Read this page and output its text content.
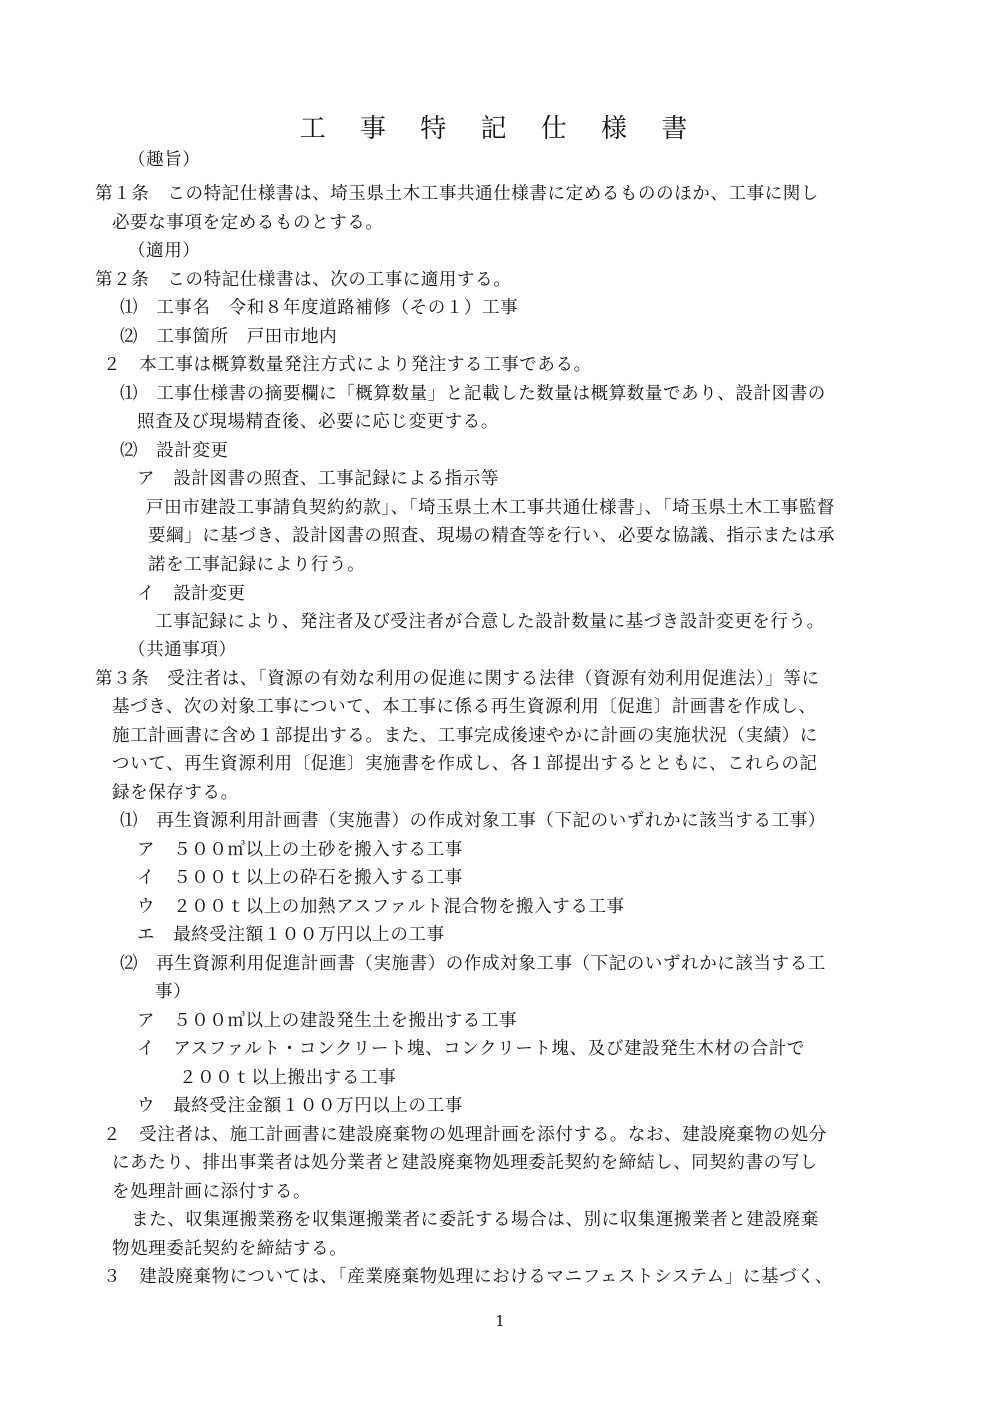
工 事 特 記 仕 様 書
（趣旨）
第１条　この特記仕様書は、埼玉県土木工事共通仕様書に定めるもののほか、工事に関し
必要な事項を定めるものとする。
（適用）
第２条　この特記仕様書は、次の工事に適用する。
⑴　工事名　令和８年度道路補修（その１）工事
⑵　工事箇所　戸田市地内
２　本工事は概算数量発注方式により発注する工事である。
⑴　工事仕様書の摘要欄に「概算数量」と記載した数量は概算数量であり、設計図書の
照査及び現場精査後、必要に応じ変更する。
⑵　設計変更
ア　設計図書の照査、工事記録による指示等
戸田市建設工事請負契約約款」、「埼玉県土木工事共通仕様書」、「埼玉県土木工事監督
要綱」に基づき、設計図書の照査、現場の精査等を行い、必要な協議、指示または承
諾を工事記録により行う。
イ　設計変更
工事記録により、発注者及び受注者が合意した設計数量に基づき設計変更を行う。
（共通事項）
第３条　受注者は、「資源の有効な利用の促進に関する法律（資源有効利用促進法）」等に
基づき、次の対象工事について、本工事に係る再生資源利用〔促進〕計画書を作成し、
施工計画書に含め１部提出する。また、工事完成後速やかに計画の実施状況（実績）に
ついて、再生資源利用〔促進〕実施書を作成し、各１部提出するとともに、これらの記
録を保存する。
⑴　再生資源利用計画書（実施書）の作成対象工事（下記のいずれかに該当する工事）
ア　５００㎥以上の土砂を搬入する工事
イ　５００ｔ以上の砕石を搬入する工事
ウ　２００ｔ以上の加熱アスファルト混合物を搬入する工事
エ　最終受注額１００万円以上の工事
⑵　再生資源利用促進計画書（実施書）の作成対象工事（下記のいずれかに該当する工
事）
ア　５００㎥以上の建設発生土を搬出する工事
イ　アスファルト・コンクリート塊、コンクリート塊、及び建設発生木材の合計で
２００ｔ以上搬出する工事
ウ　最終受注金額１００万円以上の工事
２　受注者は、施工計画書に建設廃棄物の処理計画を添付する。なお、建設廃棄物の処分
にあたり、排出事業者は処分業者と建設廃棄物処理委託契約を締結し、同契約書の写し
を処理計画に添付する。
また、収集運搬業務を収集運搬業者に委託する場合は、別に収集運搬業者と建設廃棄
物処理委託契約を締結する。
３　建設廃棄物については、「産業廃棄物処理におけるマニフェストシステム」に基づく、
1
